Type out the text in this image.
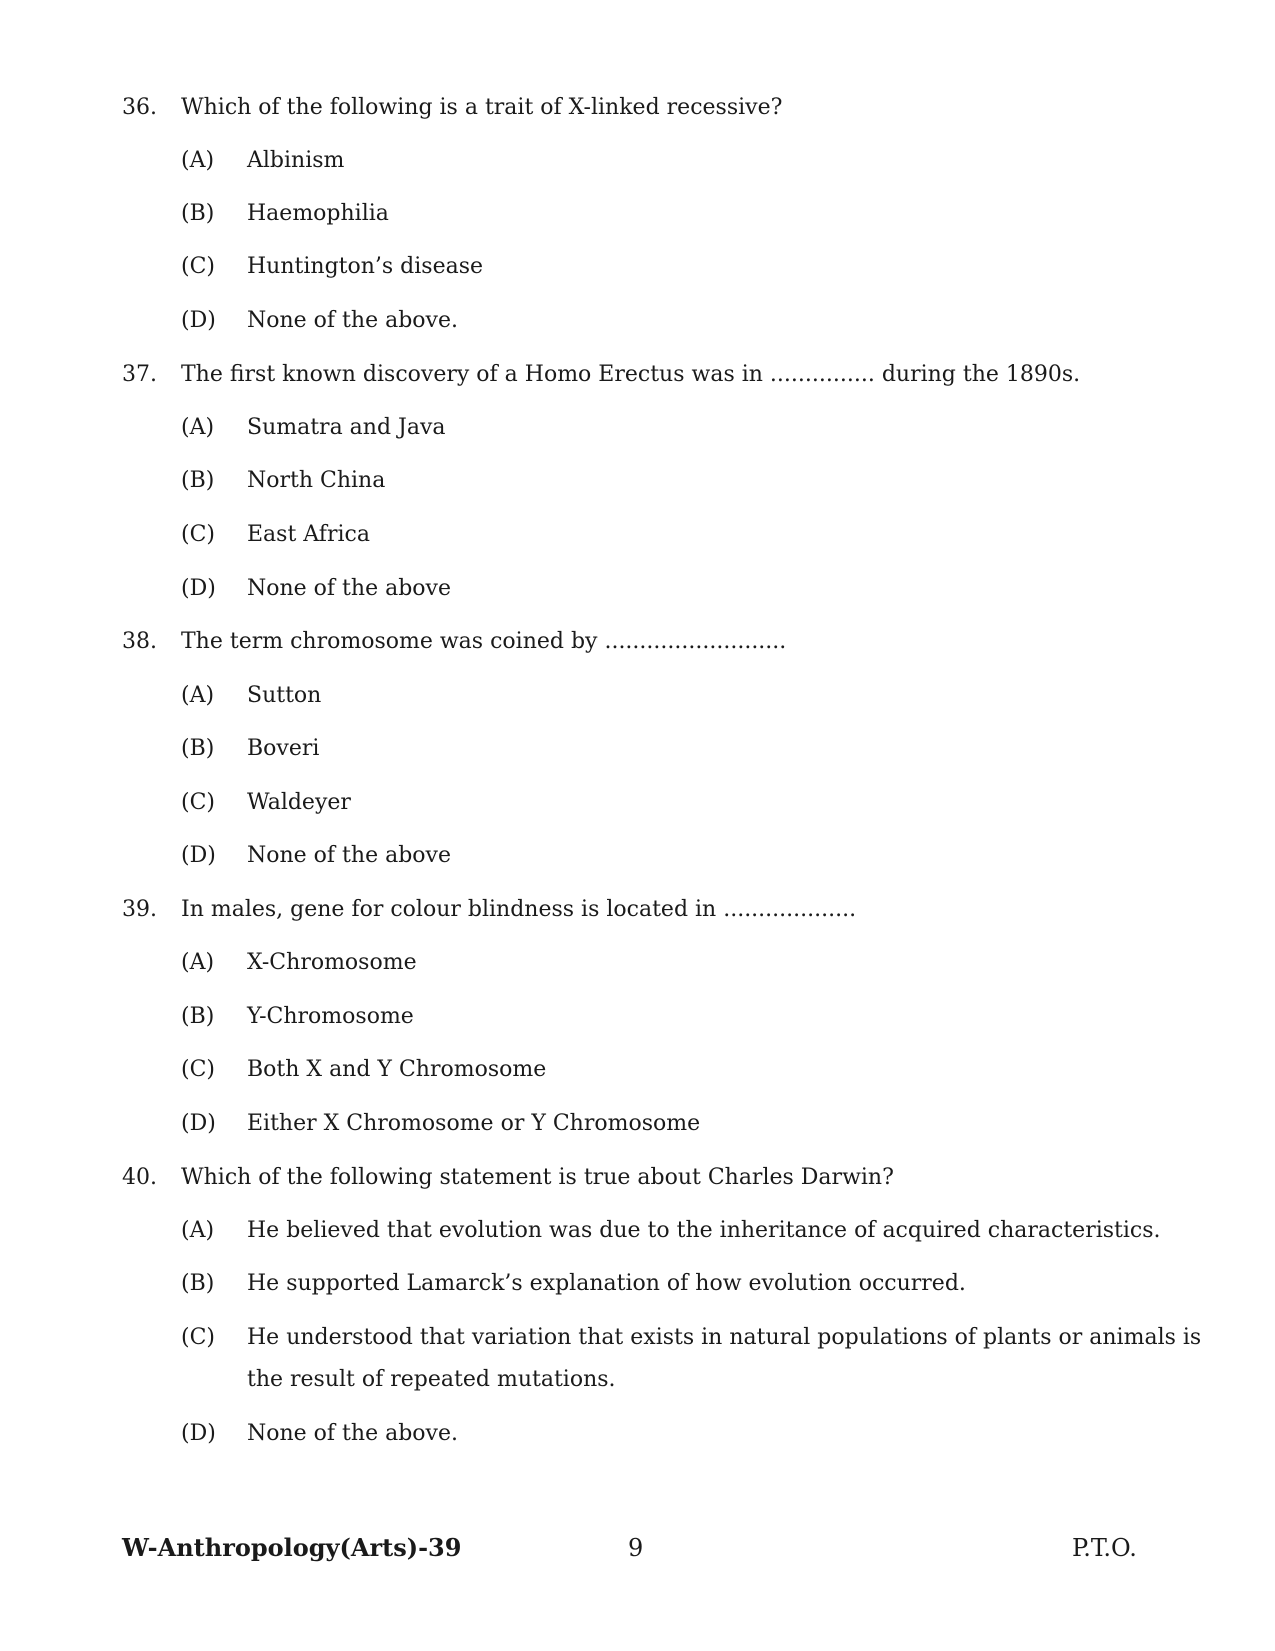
36. Which of the following is a trait of X-linked recessive?
(A) Albinism
(B) Haemophilia
(C) Huntington’s disease
(D) None of the above.
37. The first known discovery of a Homo Erectus was in ............... during the 1890s.
(A) Sumatra and Java
(B) North China
(C) East Africa
(D) None of the above
38. The term chromosome was coined by ..........................
(A) Sutton
(B) Boveri
(C) Waldeyer
(D) None of the above
39. In males, gene for colour blindness is located in ...................
(A) X-Chromosome
(B) Y-Chromosome
(C) Both X and Y Chromosome
(D) Either X Chromosome or Y Chromosome
40. Which of the following statement is true about Charles Darwin?
(A) He believed that evolution was due to the inheritance of acquired characteristics.
(B) He supported Lamarck’s explanation of how evolution occurred.
(C) He understood that variation that exists in natural populations of plants or animals is
the result of repeated mutations.
(D) None of the above.
W-Anthropology(Arts)-39	9	P.T.O.
